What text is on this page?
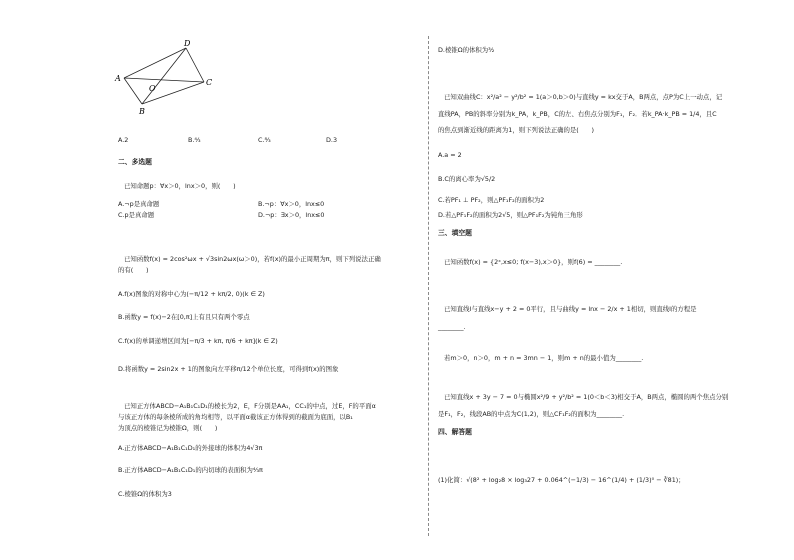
A
D
C
B
O
A.2	B.⁴⁄₃	C.⁸⁄₃	D.3
二、多选题
已知命题p：∀x＞0，lnx＞0，则(　　)
A.¬p是真命题	B.¬p：∀x＞0，lnx≤0
C.p是真命题	D.¬p：∃x＞0，lnx≤0
已知函数f(x) = 2cos²ωx + √3sin2ωx(ω＞0)，若f(x)的最小正周期为π，则下列说法正确
的有(　　)
A.f(x)图象的对称中心为(−π/12 + kπ/2, 0)(k ∈ Z)
B.函数y = f(x)−2在[0,π]上有且只有两个零点
C.f(x)的单调递增区间为[−π/3 + kπ, π/6 + kπ](k ∈ Z)
D.将函数y = 2sin2x + 1的图象向左平移π/12个单位长度，可得到f(x)的图象
已知正方体ABCD−A₁B₁C₁D₁的棱长为2，E，F分别是AA₁，CC₁的中点，过E，F的平面α
与该正方体的每条棱所成的角均相等，以平面α截该正方体得到的截面为底面，以B₁
为顶点的棱锥记为棱锥Ω，则(　　)
A.正方体ABCD−A₁B₁C₁D₁的外接球的体积为4√3π
B.正方体ABCD−A₁B₁C₁D₁的内切球的表面积为⁴⁄₃π
C.棱锥Ω的体积为3
D.棱锥Ω的体积为³⁄₂
已知双曲线C：x²/a² − y²/b² = 1(a＞0,b＞0)与直线y = kx交于A，B两点，点P为C上一动点，记
直线PA，PB的斜率分别为k_PA，k_PB，C的左、右焦点分别为F₁，F₂．若k_PA·k_PB = 1/4，且C
的焦点到渐近线的距离为1，则下列说法正确的是(　　)
A.a = 2
B.C的离心率为√5/2
C.若PF₁ ⊥ PF₂，则△PF₁F₂的面积为2
D.若△PF₁F₂的面积为2√5，则△PF₁F₂为钝角三角形
三、填空题
已知函数f(x) = {2ˣ,x≤0; f(x−3),x＞0}，则f(6) = ________.
已知直线l与直线x−y + 2 = 0平行，且与曲线y = lnx − 2/x + 1相切，则直线l的方程是
________.
若m＞0，n＞0，m + n = 3mn − 1，则m + n的最小值为________.
已知直线x + 3y − 7 = 0与椭圆x²/9 + y²/b² = 1(0＜b＜3)相交于A，B两点，椭圆的两个焦点分别
是F₁，F₂，线段AB的中点为C(1,2)，则△CF₁F₂的面积为________.
四、解答题
(1)化简：√(8² + log₂8 × log₃27 + 0.064^(−1/3) − 16^(1/4) + (1/3)⁰ − ∛81)；
